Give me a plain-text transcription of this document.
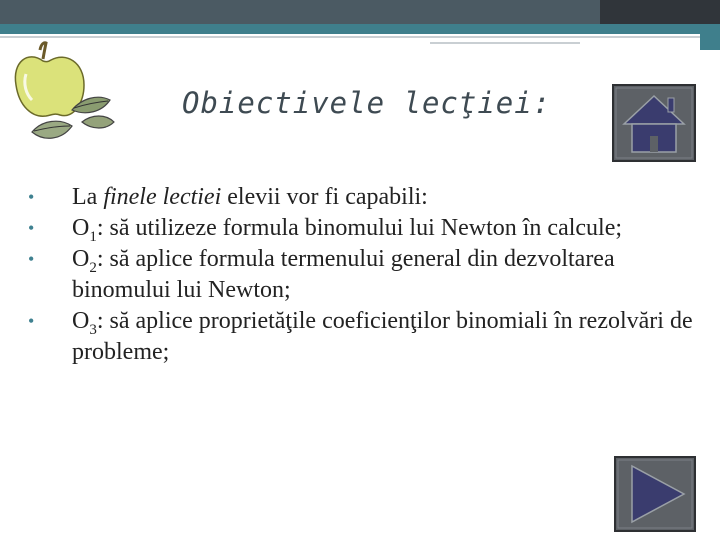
Obiectivele lecţiei:
• La finele lectiei elevii vor fi capabili:
• $O_1$: să utilizeze formula binomului lui Newton în calcule;
• $O_2$: să aplice formula termenului general din dezvoltarea binomului lui Newton;
• $O_3$: să aplice proprietăţile coeficienţilor binomiali în rezolvări de probleme;
